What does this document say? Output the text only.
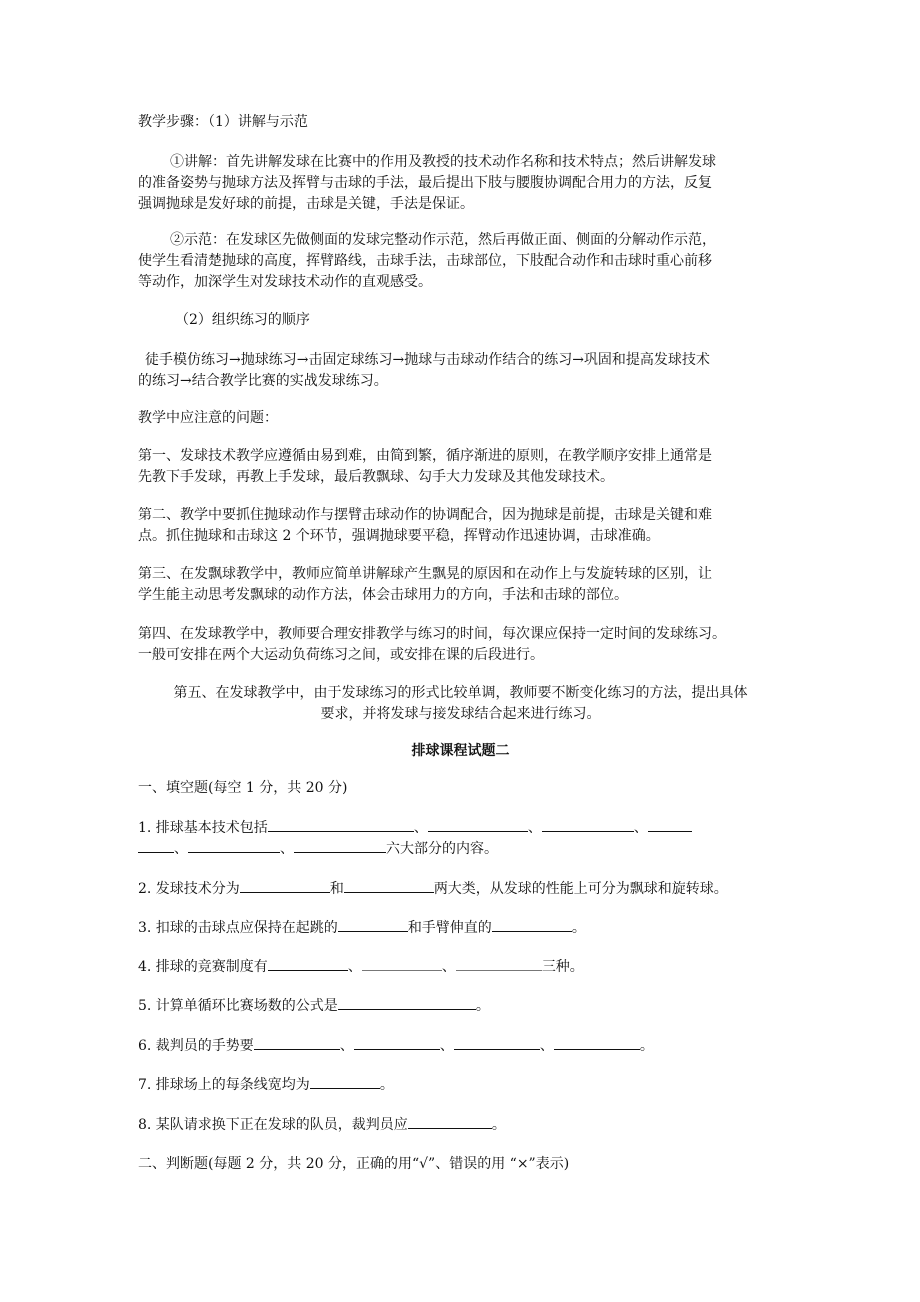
教学步骤：（1）讲解与示范
①讲解：首先讲解发球在比赛中的作用及教授的技术动作名称和技术特点；然后讲解发球
的准备姿势与抛球方法及挥臂与击球的手法，最后提出下肢与腰腹协调配合用力的方法，反复
强调抛球是发好球的前提，击球是关键，手法是保证。
②示范：在发球区先做侧面的发球完整动作示范，然后再做正面、侧面的分解动作示范，
使学生看清楚抛球的高度，挥臂路线，击球手法，击球部位，下肢配合动作和击球时重心前移
等动作，加深学生对发球技术动作的直观感受。
（2）组织练习的顺序
徒手模仿练习→抛球练习→击固定球练习→抛球与击球动作结合的练习→巩固和提高发球技术
的练习→结合教学比赛的实战发球练习。
教学中应注意的问题：
第一、发球技术教学应遵循由易到难，由简到繁，循序渐进的原则，在教学顺序安排上通常是
先教下手发球，再教上手发球，最后教飘球、勾手大力发球及其他发球技术。
第二、教学中要抓住抛球动作与摆臂击球动作的协调配合，因为抛球是前提，击球是关键和难
点。抓住抛球和击球这 2 个环节，强调抛球要平稳，挥臂动作迅速协调，击球准确。
第三、在发飘球教学中，教师应简单讲解球产生飘晃的原因和在动作上与发旋转球的区别，让
学生能主动思考发飘球的动作方法，体会击球用力的方向，手法和击球的部位。
第四、在发球教学中，教师要合理安排教学与练习的时间，每次课应保持一定时间的发球练习。
一般可安排在两个大运动负荷练习之间，或安排在课的后段进行。
第五、在发球教学中，由于发球练习的形式比较单调，教师要不断变化练习的方法，提出具体
要求，并将发球与接发球结合起来进行练习。
排球课程试题二
一、填空题(每空 1 分，共 20 分)
1. 排球基本技术包括	、	、	、
、	、	六大部分的内容。
2. 发球技术分为	和	两大类，从发球的性能上可分为飘球和旋转球。
3. 扣球的击球点应保持在起跳的	和手臂伸直的	。
4. 排球的竞赛制度有	、	、	三种。
5. 计算单循环比赛场数的公式是	。
6. 裁判员的手势要	、	、	、	。
7. 排球场上的每条线宽均为	。
8. 某队请求换下正在发球的队员，裁判员应	。
二、判断题(每题 2 分，共 20 分，正确的用“√”、错误的用 “×”表示)
